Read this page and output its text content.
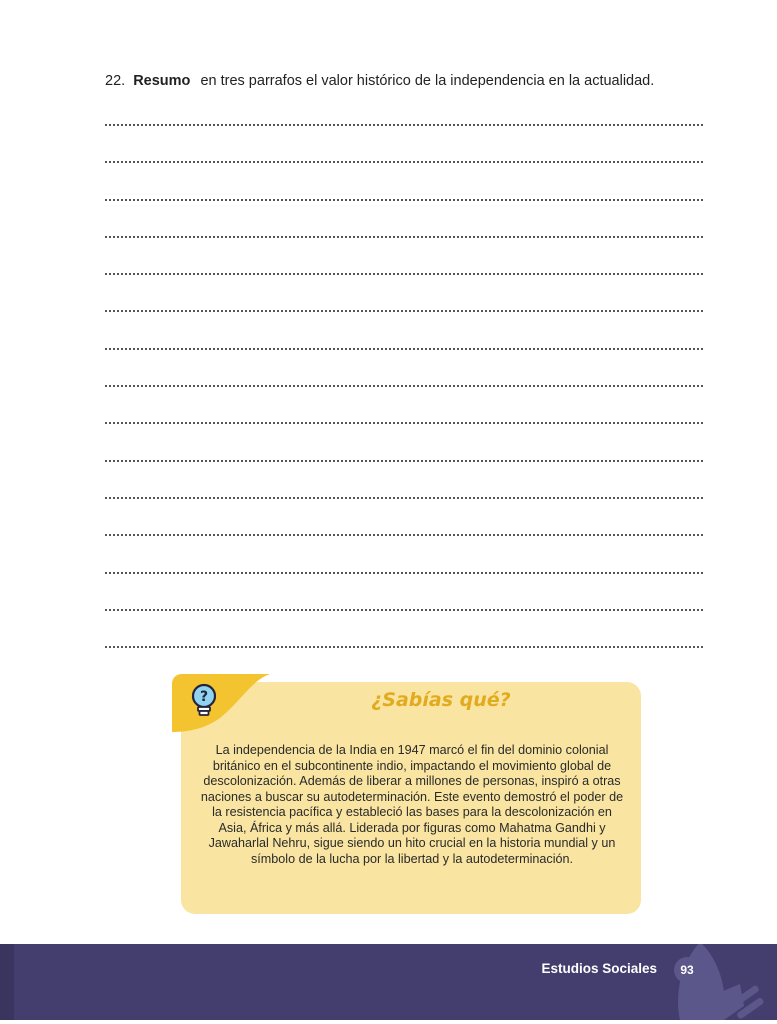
22. Resumo en tres parrafos el valor histórico de la independencia en la actualidad.
?	¿Sabías qué?
La independencia de la India en 1947 marcó el fin del dominio colonial británico en el subcontinente indio, impactando el movimiento global de descolonización. Además de liberar a millones de personas, inspiró a otras naciones a buscar su autodeterminación. Este evento demostró el poder de la resistencia pacífica y estableció las bases para la descolonización en Asia, África y más allá. Liderada por figuras como Mahatma Gandhi y Jawaharlal Nehru, sigue siendo un hito crucial en la historia mundial y un símbolo de la lucha por la libertad y la autodeterminación.
Estudios Sociales	93
